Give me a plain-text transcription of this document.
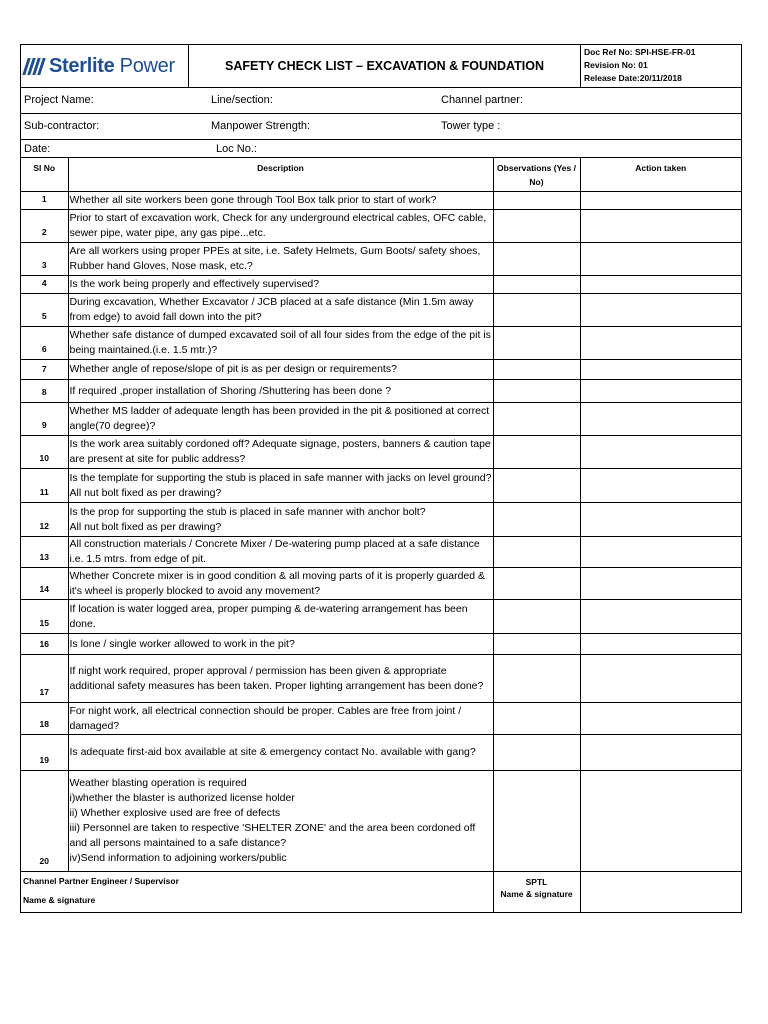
Sterlite Power	SAFETY CHECK LIST – EXCAVATION & FOUNDATION
Doc Ref No: SPI-HSE-FR-01
Revision No: 01
Release Date:20/11/2018
Project Name:	Line/section:	Channel partner:
Sub-contractor:	Manpower Strength:	Tower type :
Date:	Loc No.:
Sl No	Description	Observations (Yes / No)	Action taken
1	Whether all site workers been gone through Tool Box talk prior to start of work?		
2	Prior to start of excavation work, Check for any underground electrical cables, OFC cable, sewer pipe, water pipe, any gas pipe...etc.		
3	Are all workers using proper PPEs at site, i.e. Safety Helmets, Gum Boots/ safety shoes, Rubber hand Gloves, Nose mask, etc.?		
4	Is the work being properly and effectively supervised?		
5	During excavation, Whether Excavator / JCB placed at a safe distance (Min 1.5m away from edge) to avoid fall down into the pit?		
6	Whether safe distance of dumped excavated soil of all four sides from the edge of the pit is being maintained.(i.e. 1.5 mtr.)?		
7	Whether angle of repose/slope of pit is as per design or requirements?		
8	If required ,proper installation of Shoring /Shuttering has been done ?		
9	Whether MS ladder of adequate length has been provided in the pit & positioned at correct angle(70 degree)?		
10	Is the work area suitably cordoned off? Adequate signage, posters, banners & caution tape are present at site for public address?		
11	Is the template for supporting the stub is placed in safe manner with jacks on level ground? All nut bolt fixed as per drawing?		
12	Is the prop for supporting the stub is placed in safe manner with anchor bolt?
All nut bolt fixed as per drawing?		
13	All construction materials / Concrete Mixer / De-watering pump placed at a safe distance i.e. 1.5 mtrs. from edge of pit.		
14	Whether Concrete mixer is in good condition & all moving parts of it is properly guarded & it's wheel is properly blocked to avoid any movement?		
15	If location is water logged area, proper pumping & de-watering arrangement has been done.		
16	Is lone / single worker allowed to work in the pit?		
17	If night work required, proper approval / permission has been given & appropriate additional safety measures has been taken. Proper lighting arrangement has been done?		
18	For night work, all electrical connection should be proper. Cables are free from joint / damaged?		
19	Is adequate first-aid box available at site & emergency contact No. available with gang?		
20	Weather blasting operation is required
i)whether the blaster is authorized license holder
ii) Whether explosive used are free of defects
iii) Personnel are taken to respective 'SHELTER ZONE' and the area been cordoned off and all persons maintained to a safe distance?
iv)Send information to adjoining workers/public		
Channel Partner Engineer / Supervisor
Name & signature

SPTL
Name & signature
